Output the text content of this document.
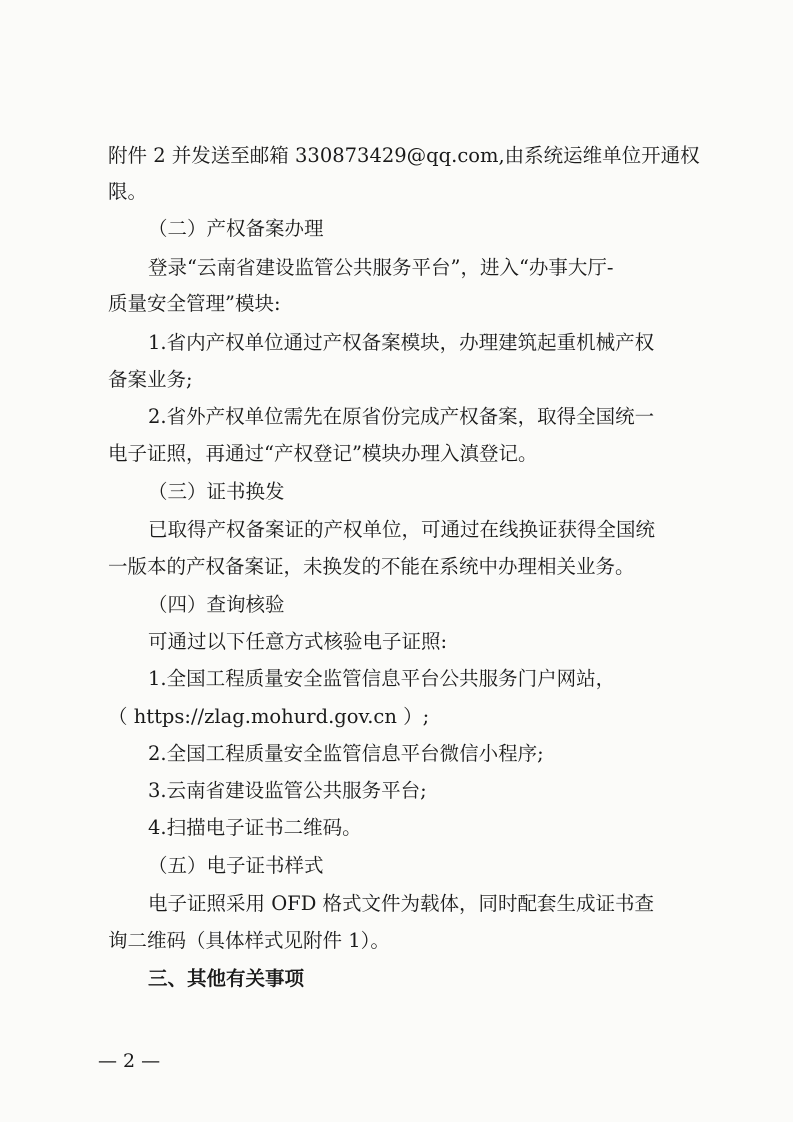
附件 2 并发送至邮箱 330873429@qq.com,由系统运维单位开通权
限。
（二）产权备案办理
登录“云南省建设监管公共服务平台”，进入“办事大厅-
质量安全管理”模块:
1.省内产权单位通过产权备案模块，办理建筑起重机械产权
备案业务;
2.省外产权单位需先在原省份完成产权备案，取得全国统一
电子证照，再通过“产权登记”模块办理入滇登记。
（三）证书换发
已取得产权备案证的产权单位，可通过在线换证获得全国统
一版本的产权备案证，未换发的不能在系统中办理相关业务。
（四）查询核验
可通过以下任意方式核验电子证照:
1.全国工程质量安全监管信息平台公共服务门户网站，
（ https://zlag.mohurd.gov.cn ）;
2.全国工程质量安全监管信息平台微信小程序;
3.云南省建设监管公共服务平台;
4.扫描电子证书二维码。
（五）电子证书样式
电子证照采用 OFD 格式文件为载体，同时配套生成证书查
询二维码（具体样式见附件 1）。
三、其他有关事项
— 2 —
